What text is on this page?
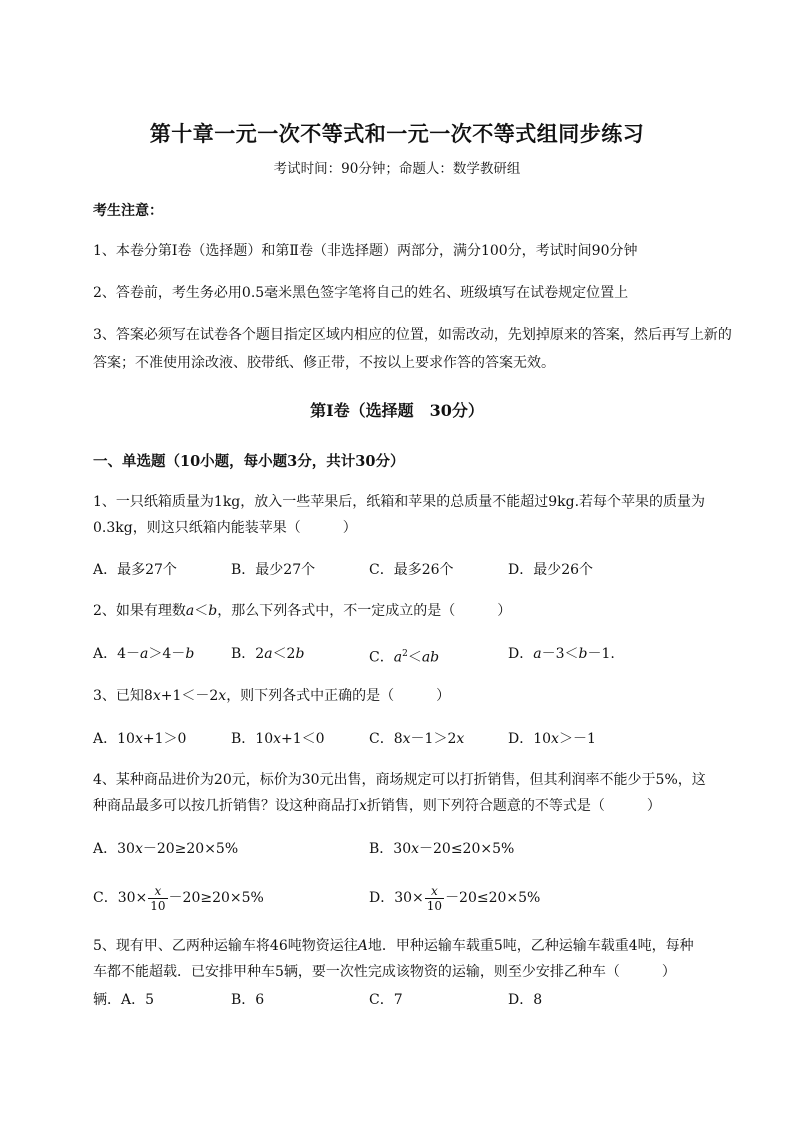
第十章一元一次不等式和一元一次不等式组同步练习
考试时间：90分钟；命题人：数学教研组
考生注意：
1、本卷分第I卷（选择题）和第Ⅱ卷（非选择题）两部分，满分100分，考试时间90分钟
2、答卷前，考生务必用0.5毫米黑色签字笔将自己的姓名、班级填写在试卷规定位置上
3、答案必须写在试卷各个题目指定区域内相应的位置，如需改动，先划掉原来的答案，然后再写上新的答案；不准使用涂改液、胶带纸、修正带，不按以上要求作答的答案无效。
第I卷（选择题　30分）
一、单选题（10小题，每小题3分，共计30分）
1、一只纸箱质量为1kg，放入一些苹果后，纸箱和苹果的总质量不能超过9kg.若每个苹果的质量为
0.3kg，则这只纸箱内能装苹果（　　　）
A．最多27个	B．最少27个	C．最多26个	D．最少26个
2、如果有理数a＜b，那么下列各式中，不一定成立的是（　　　）
A．4－a＞4－b	B．2a＜2b	C．$a^2<ab$	D．a－3＜b－1.
3、已知8x+1＜－2x，则下列各式中正确的是（　　　）
A．10x+1＞0	B．10x+1＜0	C．8x－1＞2x	D．10x＞－1
4、某种商品进价为20元，标价为30元出售，商场规定可以打折销售，但其利润率不能少于5%，这
种商品最多可以按几折销售？设这种商品打x折销售，则下列符合题意的不等式是（　　　）
A．30x－20≥20×5%	B．30x－20≤20×5%
C．$30\times \frac{x}{10} -20\ge 20\times 5\%$	D．$30\times \frac{x}{10} -20\le 20\times 5\%$
5、现有甲、乙两种运输车将46吨物资运往A地．甲种运输车载重5吨，乙种运输车载重4吨，每种
车都不能超载．已安排甲种车5辆，要一次性完成该物资的运输，则至少安排乙种车（　　　）
辆．A．5	B．6	C．7	D．8
